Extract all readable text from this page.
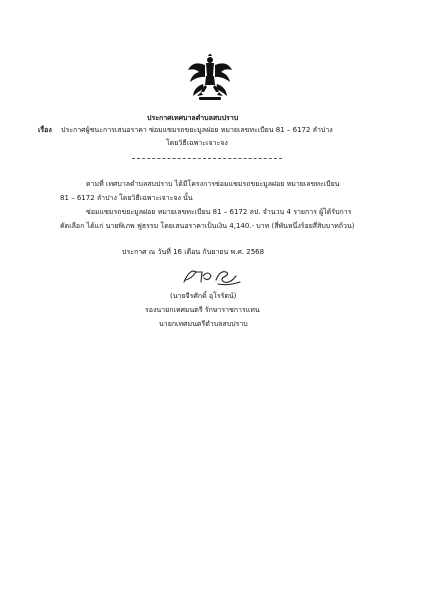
ประกาศเทศบาลตำบลสบปราบ
เรื่อง ประกาศผู้ชนะการเสนอราคา ซ่อมแซมรถขยะมูลฝอย หมายเลขทะเบียน 81 – 6172 ลำปาง
โดยวิธีเฉพาะเจาะจง
ตามที่ เทศบาลตำบลสบปราบ ได้มีโครงการซ่อมแซมรถขยะมูลฝอย หมายเลขทะเบียน
81 – 6172 ลำปาง โดยวิธีเฉพาะเจาะจง นั้น
ซ่อมแซมรถขยะมูลฝอย หมายเลขทะเบียน 81 – 6172 ลป. จำนวน 4 รายการ ผู้ได้รับการ
คัดเลือก ได้แก่ นายพิเภพ ฟูธรรม โดยเสนอราคาเป็นเงิน 4,140.- บาท (สี่พันหนึ่งร้อยสี่สิบบาทถ้วน)
ประกาศ ณ วันที่ 16 เดือน กันยายน พ.ศ. 2568
(นายจีรศักดิ์ อุโรรัตน์)
รองนายกเทศมนตรี รักษาราชการแทน
นายกเทศมนตรีตำบลสบปราบ
